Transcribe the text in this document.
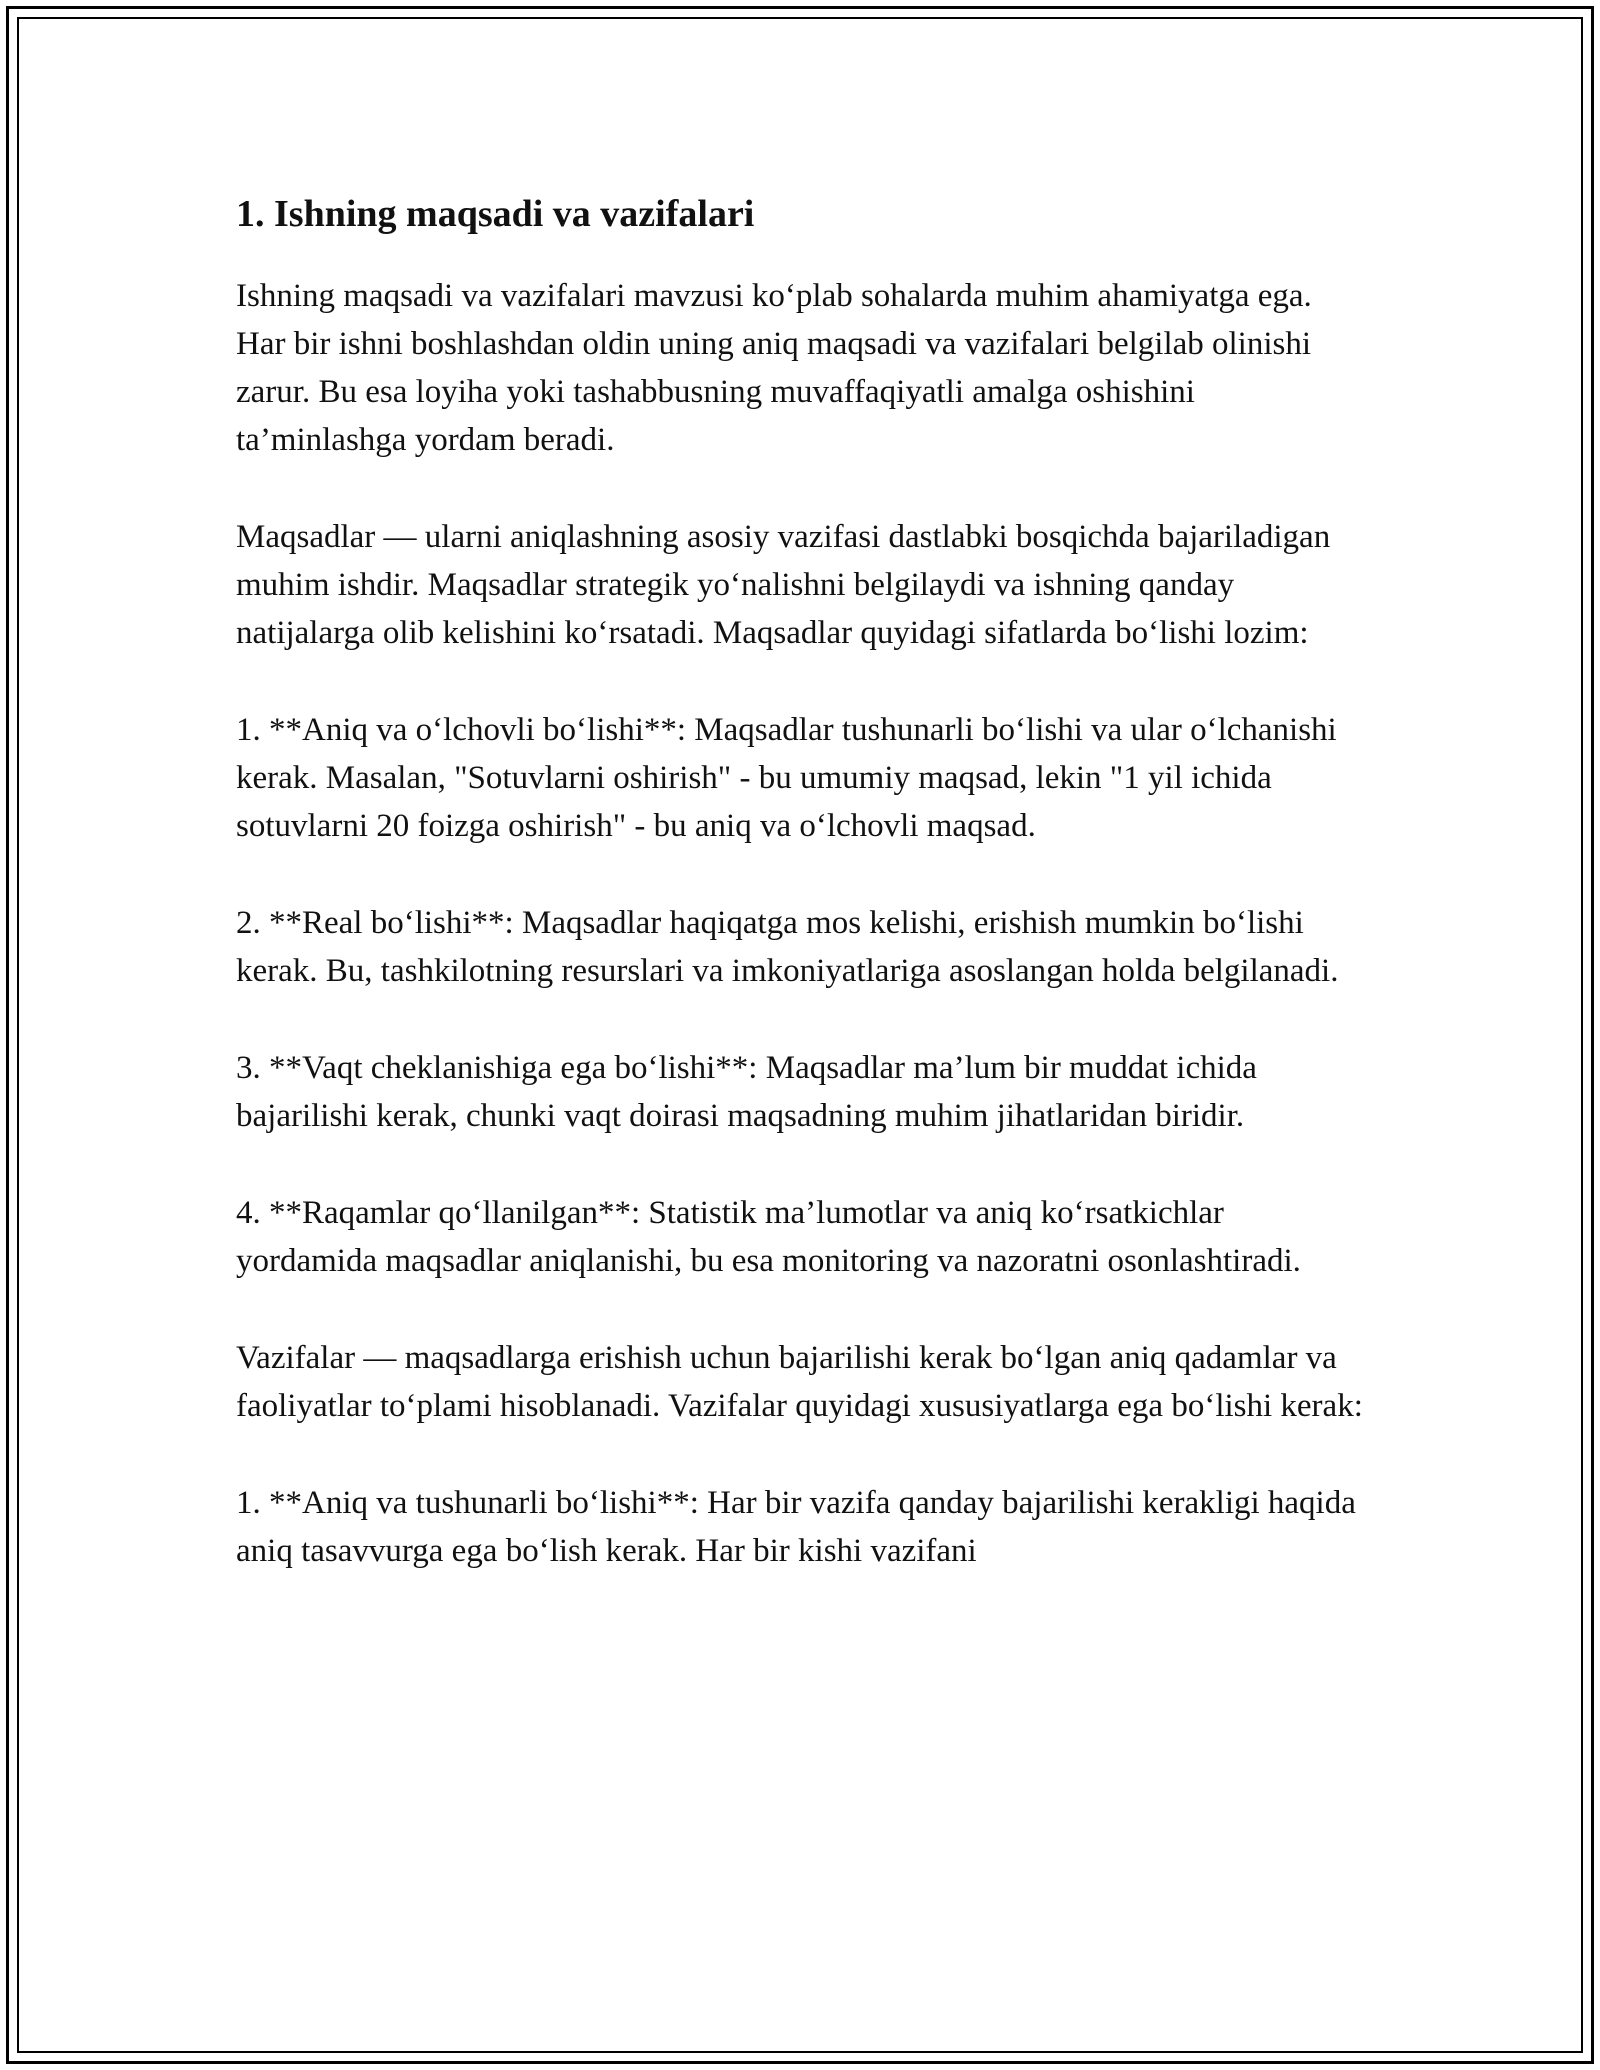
1. Ishning maqsadi va vazifalari

Ishning maqsadi va vazifalari mavzusi ko‘plab sohalarda muhim ahamiyatga ega. Har bir ishni boshlashdan oldin uning aniq maqsadi va vazifalari belgilab olinishi zarur. Bu esa loyiha yoki tashabbusning muvaffaqiyatli amalga oshishini ta’minlashga yordam beradi.

Maqsadlar — ularni aniqlashning asosiy vazifasi dastlabki bosqichda bajariladigan muhim ishdir. Maqsadlar strategik yo‘nalishni belgilaydi va ishning qanday natijalarga olib kelishini ko‘rsatadi. Maqsadlar quyidagi sifatlarda bo‘lishi lozim:

1. **Aniq va o‘lchovli bo‘lishi**: Maqsadlar tushunarli bo‘lishi va ular o‘lchanishi kerak. Masalan, "Sotuvlarni oshirish" - bu umumiy maqsad, lekin "1 yil ichida sotuvlarni 20 foizga oshirish" - bu aniq va o‘lchovli maqsad.

2. **Real bo‘lishi**: Maqsadlar haqiqatga mos kelishi, erishish mumkin bo‘lishi kerak. Bu, tashkilotning resurslari va imkoniyatlariga asoslangan holda belgilanadi.

3. **Vaqt cheklanishiga ega bo‘lishi**: Maqsadlar ma’lum bir muddat ichida bajarilishi kerak, chunki vaqt doirasi maqsadning muhim jihatlaridan biridir.

4. **Raqamlar qo‘llanilgan**: Statistik ma’lumotlar va aniq ko‘rsatkichlar yordamida maqsadlar aniqlanishi, bu esa monitoring va nazoratni osonlashtiradi.

Vazifalar — maqsadlarga erishish uchun bajarilishi kerak bo‘lgan aniq qadamlar va faoliyatlar to‘plami hisoblanadi. Vazifalar quyidagi xususiyatlarga ega bo‘lishi kerak:

1. **Aniq va tushunarli bo‘lishi**: Har bir vazifa qanday bajarilishi kerakligi haqida aniq tasavvurga ega bo‘lish kerak. Har bir kishi vazifani
